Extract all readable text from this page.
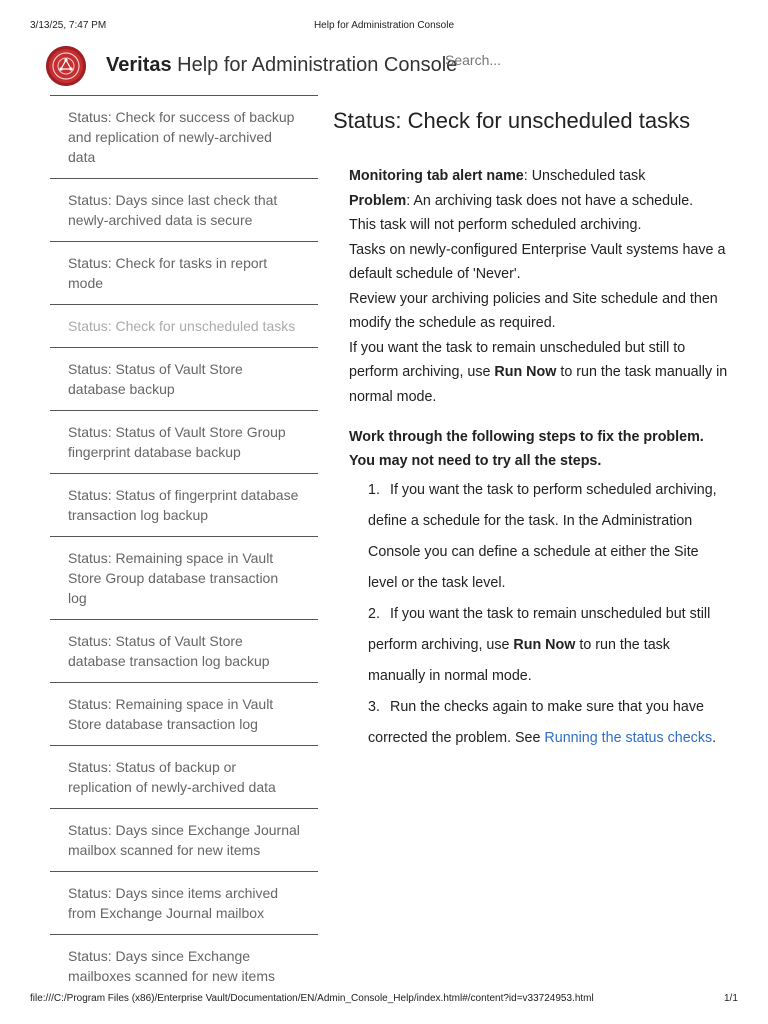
3/13/25, 7:47 PM	Help for Administration Console
Veritas Help for Administration Console
Search...
Status: Check for success of backup and replication of newly-archived data
Status: Days since last check that newly-archived data is secure
Status: Check for tasks in report mode
Status: Check for unscheduled tasks
Status: Status of Vault Store database backup
Status: Status of Vault Store Group fingerprint database backup
Status: Status of fingerprint database transaction log backup
Status: Remaining space in Vault Store Group database transaction log
Status: Status of Vault Store database transaction log backup
Status: Remaining space in Vault Store database transaction log
Status: Status of backup or replication of newly-archived data
Status: Days since Exchange Journal mailbox scanned for new items
Status: Days since items archived from Exchange Journal mailbox
Status: Days since Exchange mailboxes scanned for new items
Status: Check for unscheduled tasks
Monitoring tab alert name: Unscheduled task
Problem: An archiving task does not have a schedule.
This task will not perform scheduled archiving.
Tasks on newly-configured Enterprise Vault systems have a default schedule of 'Never'.
Review your archiving policies and Site schedule and then modify the schedule as required.
If you want the task to remain unscheduled but still to perform archiving, use Run Now to run the task manually in normal mode.
Work through the following steps to fix the problem. You may not need to try all the steps.
1. If you want the task to perform scheduled archiving, define a schedule for the task. In the Administration Console you can define a schedule at either the Site level or the task level.
2. If you want the task to remain unscheduled but still perform archiving, use Run Now to run the task manually in normal mode.
3. Run the checks again to make sure that you have corrected the problem. See Running the status checks.
file:///C:/Program Files (x86)/Enterprise Vault/Documentation/EN/Admin_Console_Help/index.html#/content?id=v33724953.html	1/1
